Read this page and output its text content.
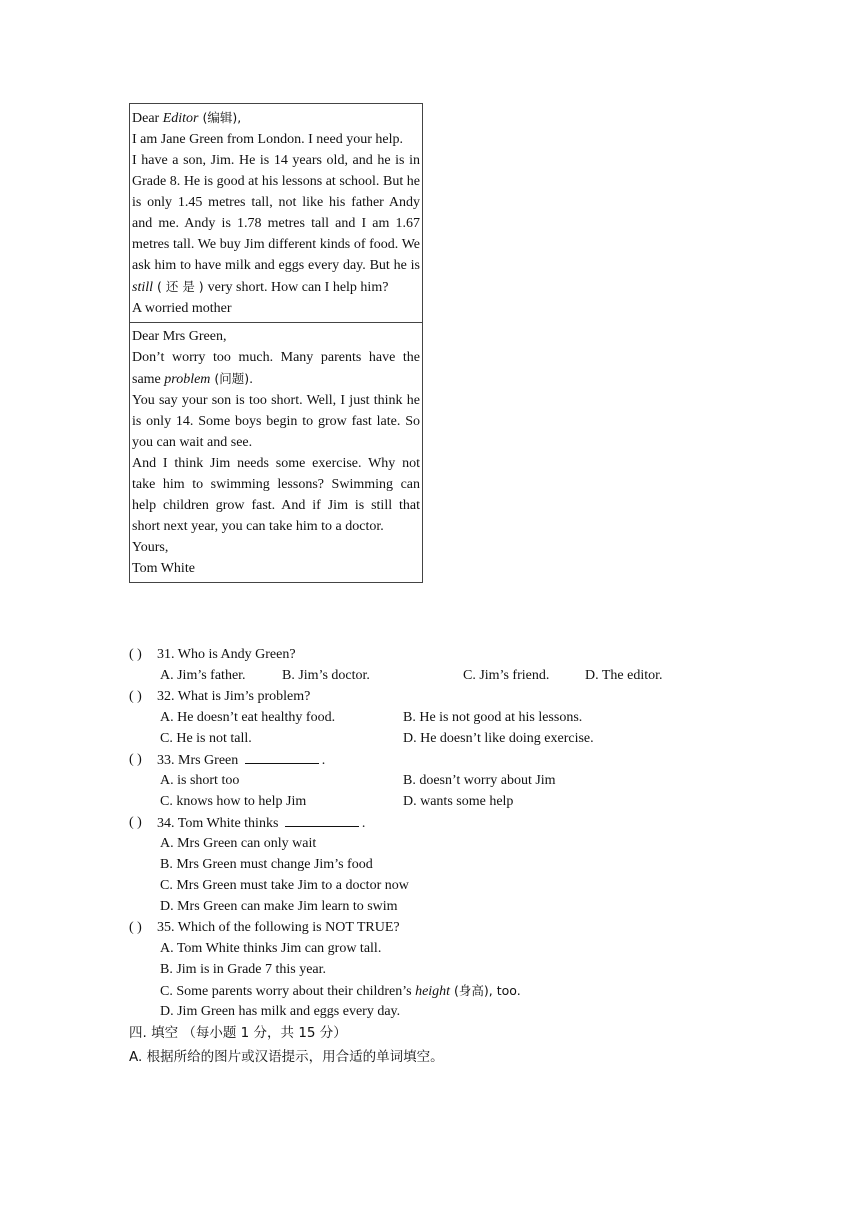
Dear Editor (编辑),

I am Jane Green from London. I need your help.

I have a son, Jim. He is 14 years old, and he is in Grade 8. He is good at his lessons at school. But he is only 1.45 metres tall, not like his father Andy and me. Andy is 1.78 metres tall and I am 1.67 metres tall. We buy Jim different kinds of food. We ask him to have milk and eggs every day. But he is still ( 还 是 ) very short. How can I help him?

A worried mother

Dear Mrs Green,

Don’t worry too much. Many parents have the same problem (问题).

You say your son is too short. Well, I just think he is only 14. Some boys begin to grow fast late. So you can wait and see.

And I think Jim needs some exercise. Why not take him to swimming lessons? Swimming can help children grow fast. And if Jim is still that short next year, you can take him to a doctor.

Yours,

Tom White

( ) 31. Who is Andy Green?
A. Jim’s father.	B. Jim’s doctor.	C. Jim’s friend.	D. The editor.
( ) 32. What is Jim’s problem?
A. He doesn’t eat healthy food.	B. He is not good at his lessons.
C. He is not tall.	D. He doesn’t like doing exercise.
( ) 33. Mrs Green	.
A. is short too	B. doesn’t worry about Jim
C. knows how to help Jim	D. wants some help
( ) 34. Tom White thinks	.
A. Mrs Green can only wait
B. Mrs Green must change Jim’s food
C. Mrs Green must take Jim to a doctor now
D. Mrs Green can make Jim learn to swim
( ) 35. Which of the following is NOT TRUE?
A. Tom White thinks Jim can grow tall.
B. Jim is in Grade 7 this year.
C. Some parents worry about their children’s height (身高), too.
D. Jim Green has milk and eggs every day.
四. 填空 （每小题 1 分，共 15 分）
A. 根据所给的图片或汉语提示，用合适的单词填空。
